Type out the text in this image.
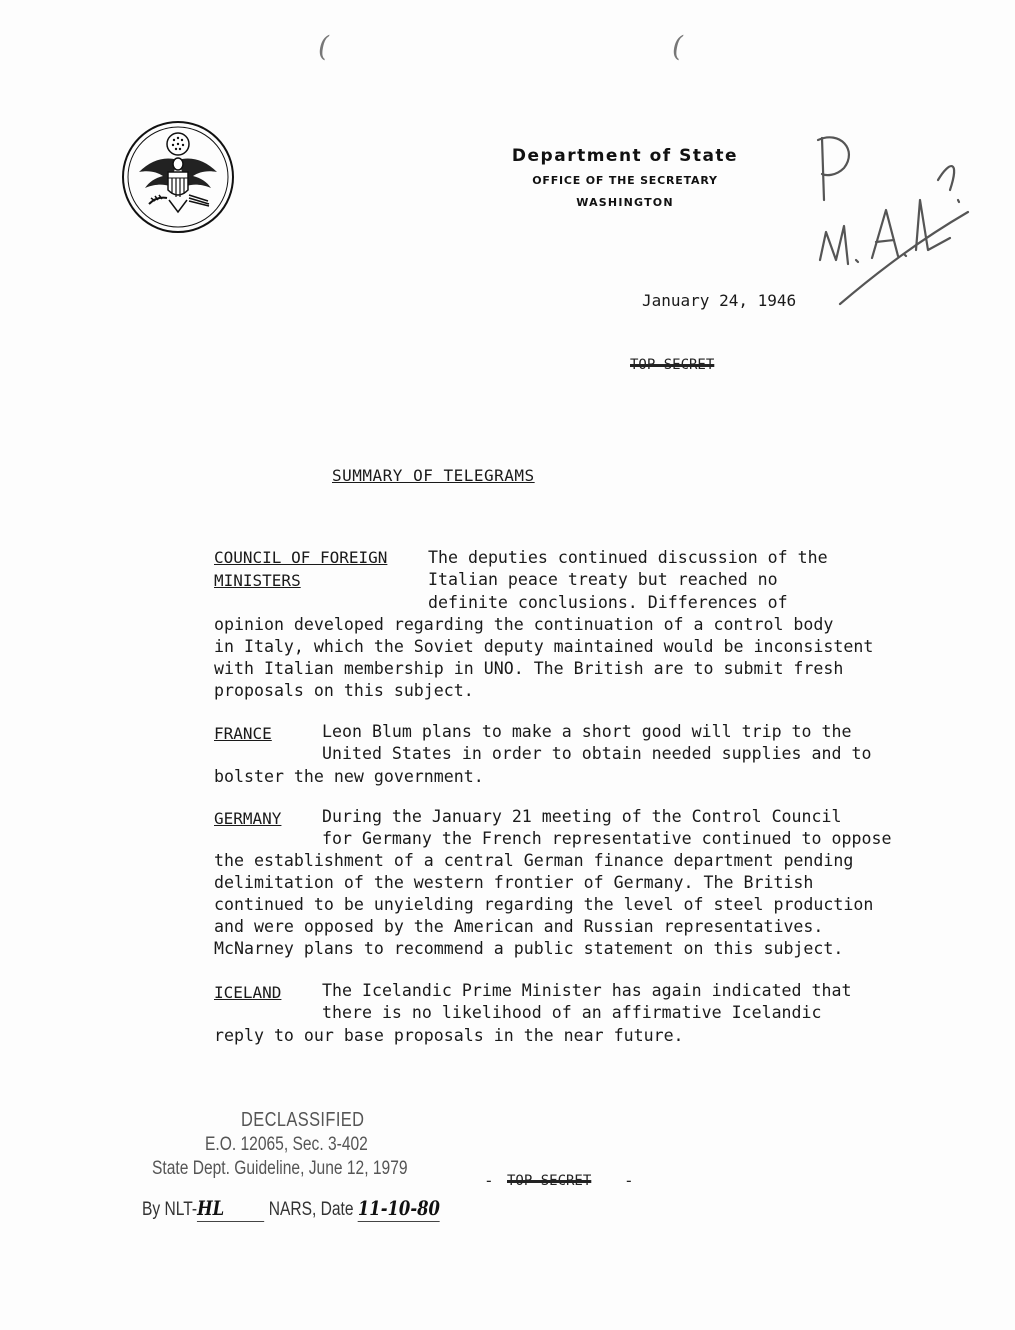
(	(
Department of State
OFFICE OF THE SECRETARY
WASHINGTON
January 24, 1946
TOP SECRET
SUMMARY OF TELEGRAMS
COUNCIL OF FOREIGN
MINISTERS
The deputies continued discussion of the
Italian peace treaty but reached no
definite conclusions. Differences of
opinion developed regarding the continuation of a control body
in Italy, which the Soviet deputy maintained would be inconsistent
with Italian membership in UNO. The British are to submit fresh
proposals on this subject.
FRANCE	Leon Blum plans to make a short good will trip to the
United States in order to obtain needed supplies and to
bolster the new government.
GERMANY During the January 21 meeting of the Control Council
for Germany the French representative continued to oppose
the establishment of a central German finance department pending
delimitation of the western frontier of Germany. The British
continued to be unyielding regarding the level of steel production
and were opposed by the American and Russian representatives.
McNarney plans to recommend a public statement on this subject.
ICELAND The Icelandic Prime Minister has again indicated that
there is no likelihood of an affirmative Icelandic
reply to our base proposals in the near future.
DECLASSIFIED
E.O. 12065, Sec. 3-402
State Dept. Guideline, June 12, 1979
By NLT-HL NARS, Date 11-10-80
- TOP SECRET -
